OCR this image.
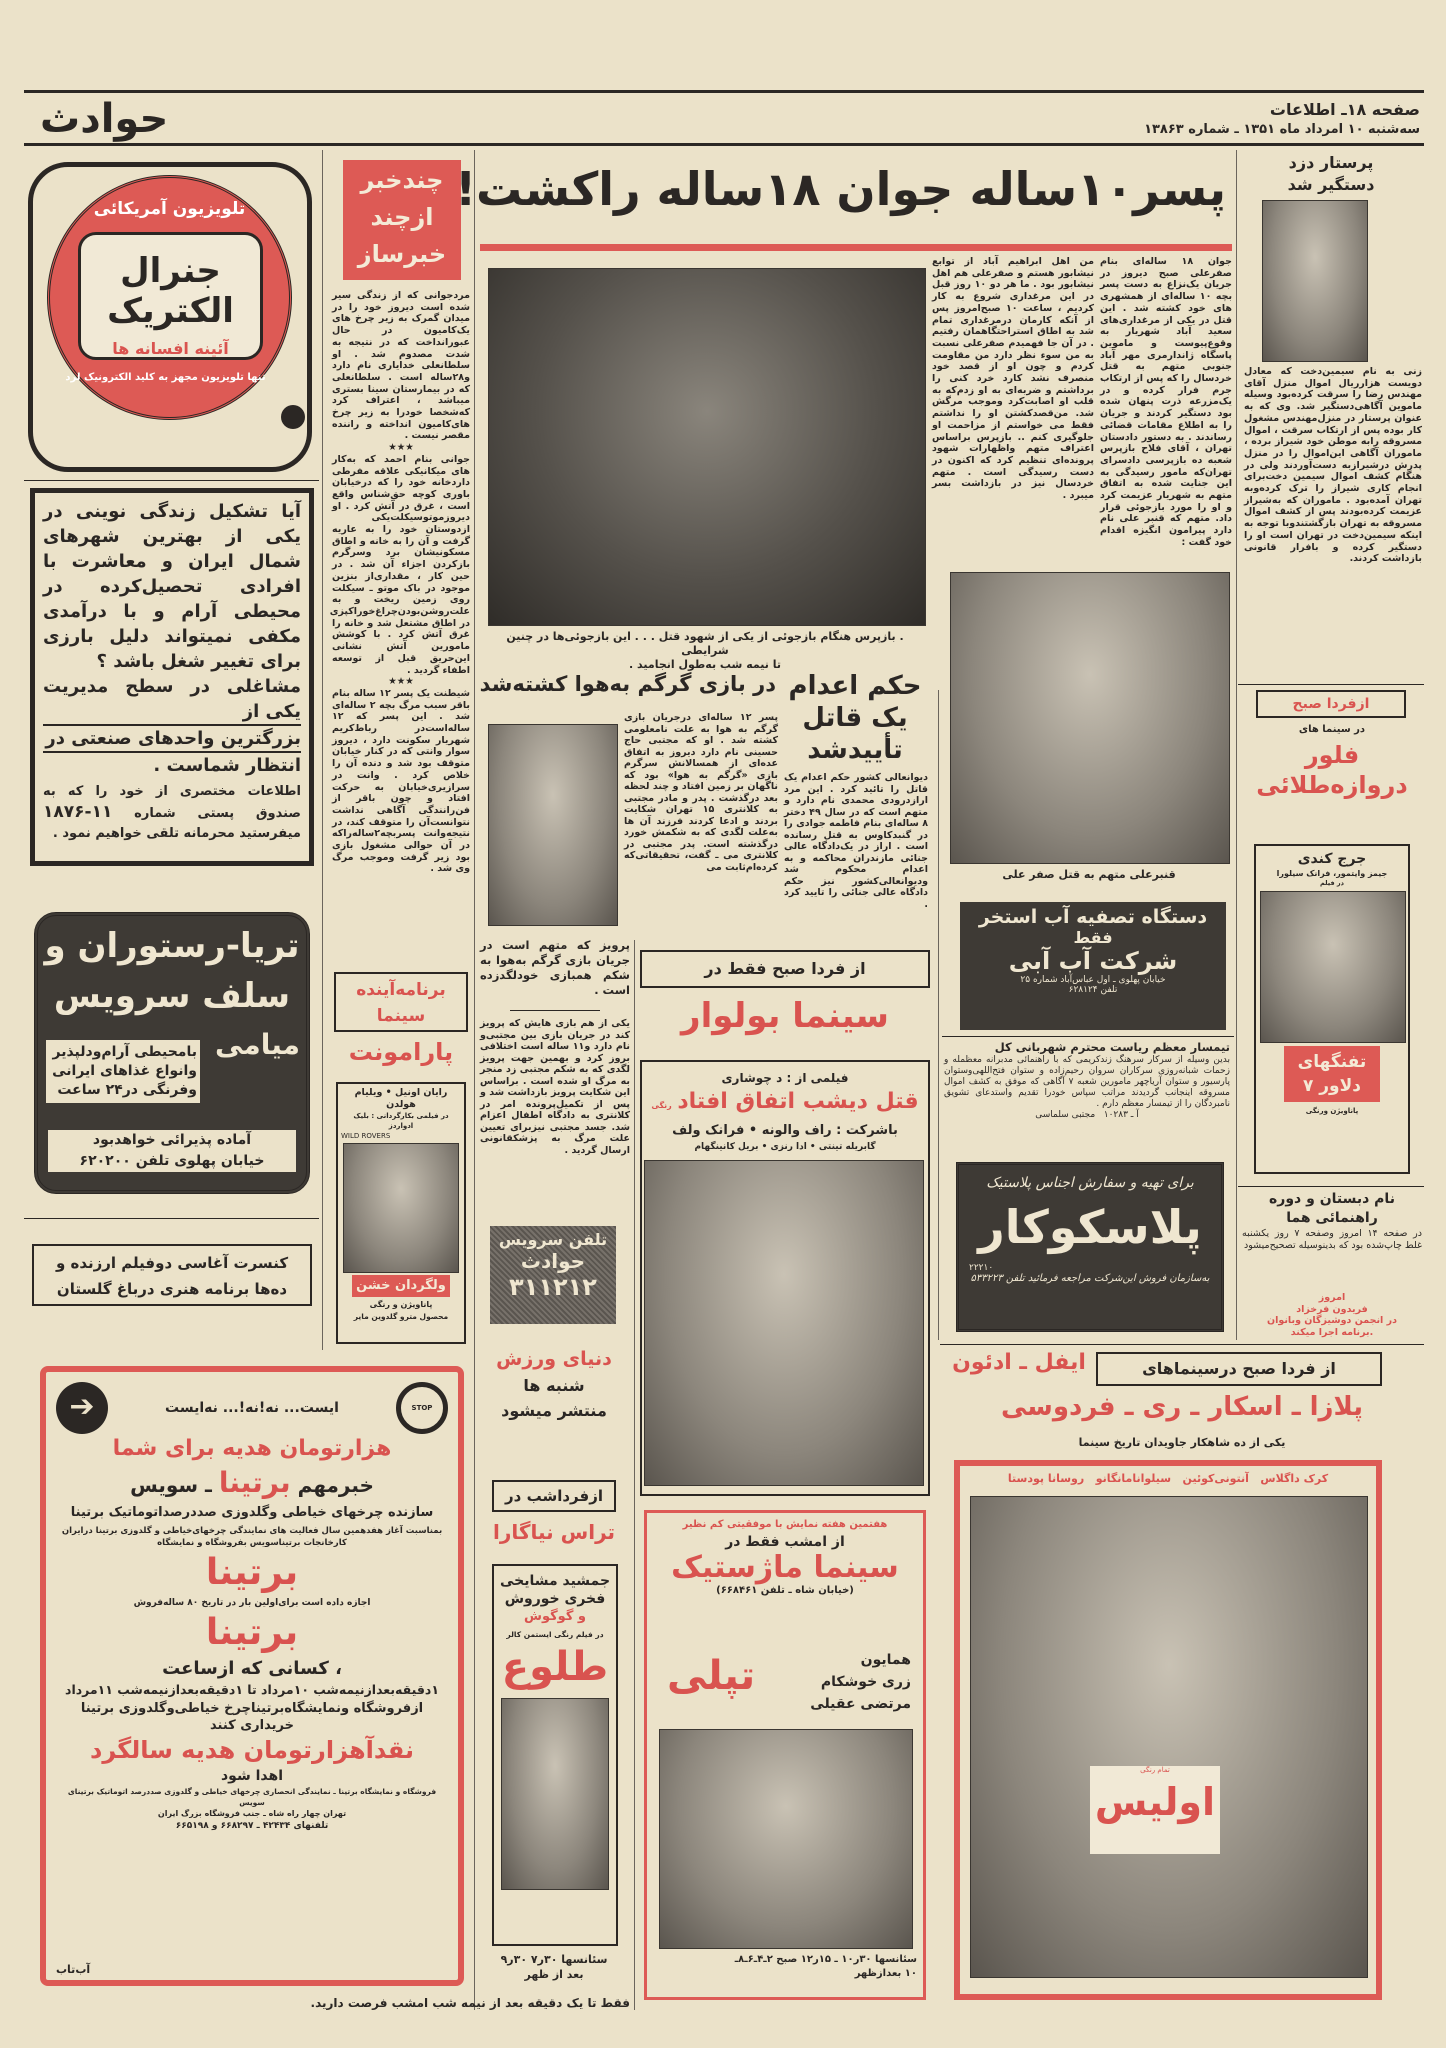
حوادث	صفحه ۱۸ـ اطلاعات
سه‌شنبه ۱۰ امرداد ماه ۱۳۵۱ ـ شماره ۱۳۸۶۳
تلویزیون آمریکائی
جنرال الکتریک
آئینه افسانه ها
تنها تلویزیون مجهز به کلید الکترونیک لرد
آیا تشکیل زندگی نوینی در یکی از بهترین شهرهای شمال ایران و معاشرت با افرادی تحصیل‌کرده در محیطی آرام و با درآمدی مکفی نمیتواند دلیل بارزی برای تغییر شغل باشد ؟
مشاغلی در سطح مدیریت یکی از
بزرگترین واحدهای صنعتی در
انتظار شماست .
اطلاعات مختصری از خود را که به صندوق پستی شماره ۱۱-۱۸۷۶ میفرستید محرمانه تلقی خواهیم نمود .
تریا-رستوران و
سلف سرویس
میامی
بامحیطی آرام‌ودلپذیر
وانواع غذاهای ایرانی
وفرنگی در۲۴ ساعت
آماده پذیرائی خواهدبود
خیابان پهلوی تلفن ۶۲۰۲۰۰
کنسرت آغاسی دوفیلم ارزنده و
ده‌ها برنامه هنری درباغ گلستان
➔	ایست... نه!نه!... نه‌ایست	STOP
هزارتومان هدیه برای شما
خبرمهم برتینا ـ سویس
سازنده چرخهای خیاطی وگلدوزی صددرصداتوماتیک برتینا
بمناسبت آغاز هفدهمین سال فعالیت های نمایندگی چرخهای‌خیاطی و گلدوزی برتینا درایران
کارخانجات برتیناسویس بفروشگاه و نمایشگاه
برتینا
اجازه داده است برای‌اولین بار در تاریخ ۸۰ ساله‌فروش
برتینا
، کسانی که ازساعت
۱دقیقه‌بعدازنیمه‌شب ۱۰مرداد تا ۱دقیقه‌بعدازنیمه‌شب ۱۱مرداد
ازفروشگاه ونمایشگاه‌برتیناچرخ خیاطی‌وگلدوزی برتینا خریداری کنند
نقدآهزارتومان هدیه سالگرد
اهدا شود
فروشگاه و نمایشگاه برتینا ـ نمایندگی انحصاری چرخهای خیاطی و گلدوزی صددرصد اتوماتیک برتینای سویس
تهران چهار راه شاه ـ جنب فروشگاه بزرگ ایران
تلفنهای ۴۲۴۳۴ ـ ۶۶۸۲۹۷ و ۶۶۵۱۹۸
آب‌تاب
فقط تا یک دقیقه بعد از نیمه شب امشب فرصت دارید.
چندخبر
ازچند
خبرساز

مردجوانی که از زندگی سیر شده است دیروز خود را در میدان گمرک به زیر چرخ های یک‌کامیون در حال عبورانداخت که در نتیجه به شدت مصدوم شد . او سلطانعلی خدایاری نام دارد و۲۸ساله است . سلطانعلی که در بیمارستان سینا بستری میباشد ، اعتراف کرد که‌شخصا خودرا به زیر چرخ های‌کامیون انداخته و راننده مقصر نیست .

★★★

جوانی بنام احمد که به‌کار های میکانیکی علاقه مفرطی دارد‌خانه خود را که درخیابان باوری کوچه حق‌شناس واقع است ، غرق در آتش کرد . او دیروزموتوسیکلت‌یکی ازدوستان خود را به عاریه گرفت و آن را به خانه و اطاق مسکونیشان برد وسرگرم بازکردن اجزاء آن شد . در حین کار ، مقداری‌از بنزین موجود در باک موتو ـ سیکلت روی زمین ریخت و به علت‌روشن‌بودن‌چراغ‌خوراکپزی در اطاق مشتعل شد و خانه را غرق آتش کرد . با کوشش مامورین آتش نشانی این‌حریق قبل از توسعه اطفاء گردید .

★★★

شیطنت یک پسر ۱۲ ساله بنام باقر سبب مرگ بچه ۲ ساله‌ای شد . این پسر که ۱۲ ساله‌است‌در رباط‌کریم شهریار سکونت دارد ، دیروز سوار وانتی که در کنار خیابان متوقف بود شد و دنده آن را خلاص کرد . وانت در سرازیری‌خیابان به حرکت افتاد و چون باقر از فن‌رانندگی آگاهی نداشت نتوانست‌آن را متوقف کند، در نتیجه‌وانت پسربچه۲ساله‌راکه در آن حوالی مشغول بازی بود زیر گرفت وموجب مرگ وی شد .

برنامه‌آینده
سینما
پارامونت
رایان اونیل • ویلیام هولدن
در فیلمی بکارگردانی : بلیک ادواردز
WILD ROVERS
ولگردان خشن
پاناویژن و رنگی
محصول مترو گلدوین مایر
پسر۱۰ساله جوان ۱۸ساله راکشت!
. بازپرس هنگام بازجوئی از یکی از شهود قتل . . . این بازجوئی‌ها در چنین شرایطی
تا نیمه شب به‌طول انجامید .
جوان ۱۸ ساله‌ای بنام صفرعلی صبح دیروز در جریان یک‌نزاع به دست پسر بچه ۱۰ ساله‌ای از همشهری های خود کشته شد . این قتل در یکی از مرغداری‌های سعید آباد شهریار به وقوع‌پیوست و ماموین پاسگاه ژاندارمری مهر آباد جنوبی متهم به قتل خردسال را که پس از ارتکاب جرم فرار کرده و در یک‌مزرعه ذرت پنهان شده بود دستگیر کردند و جریان را به اطلاع مقامات قضائی رساندند . به دستور دادستان تهران ، آقای فلاح بازپرس شعبه ده بازپرسی دادسرای تهران‌که مامور رسیدگی به این جنایت شده به اتفاق متهم به شهریار عزیمت کرد و او را مورد بازجوئی قرار داد. متهم که قنبر علی نام دارد پیرامون انگیزه اقدام خود گفت :
من اهل ابراهیم آباد از توابع نیشابور هستم و صفرعلی هم اهل نیشابور بود . ما هر دو ۱۰ روز قبل در این مرغداری شروع به کار کردیم ، ساعت ۱۰ صبح‌امروز پس از آنکه کارمان درمرغداری تمام شد به اطاق استراحتگاهمان رفتیم . در آن جا فهمیدم صفرعلی نسبت به من سوء نظر دارد من مقاومت کردم و چون او از قصد خود منصرف نشد کارد خرد کنی را برداشتم و ضربه‌ای به او زدم‌که به قلب او اصابت‌کرد وموجب مرگش شد. من‌قصدکشتن او را نداشتم فقط می خواستم از مزاحمت او جلوگیری کنم .. بازپرس براساس اعتراف متهم واظهارات شهود پرونده‌ای تنظیم کرد که اکنون در دست رسیدگی است . متهم خردسال نیز در بازداشت بسر میبرد .
قنبرعلی متهم به قتل صفر علی
پرستار دزد
دستگیر شد
زنی به نام سیمین‌دخت که معادل دویست هزارریال اموال منزل آقای مهندس رضا را سرقت کرده‌بود وسیله ماموین آگاهی‌دستگیر شد. وی که به عنوان پرستار در منزل‌مهندس مشغول کار بوده پس از ارتکاب سرقت ، اموال مسروقه رابه موطن خود شیراز برده ، ماموران آگاهی این‌اموال را در منزل پدرش درشیرازبه دست‌آوردند ولی در هنگام کشف اموال سیمین دخت‌برای انجام کاری شیراز را ترک کرده‌وبه تهران آمده‌بود . ماموران که به‌شیراز عزیمت کرده‌بودند پس از کشف اموال مسروقه به تهران بازگشتند‌وبا توجه به اینکه سیمین‌دخت در تهران است او را دستگیر کرده و بافرار قانونی بازداشت کردند.
حکم اعدام
یک قاتل
تأییدشد
دیوانعالی کشور حکم اعدام یک قاتل را تائید کرد . این مرد ارازدرودی محمدی نام دارد و متهم است که در سال ۴۹ دختر ۸ ساله‌ای بنام فاطمه جوادی را در گنبدکاوس به قتل رسانده است . اراز در یک‌دادگاه عالی جنائی مازندران محاکمه و به اعدام محکوم شد ودیوانعالی‌کشور نیز حکم دادگاه عالی جنائی را تایید کرد .
در بازی گرگم به‌هوا کشته‌شد
پسر ۱۲ ساله‌ای درجریان بازی گرگم به هوا به علت نامعلومی کشته شد . او که مجتبی حاج حسینی نام دارد دیروز به اتفاق عده‌ای از همسالانش سرگرم بازی «گرگم به هوا» بود که ناگهان بر زمین افتاد و چند لحظه بعد درگذشت . پدر و مادر مجتبی به کلانتری ۱۵ تهران شکایت بردند و ادعا کردند فرزند آن ها به‌علت لگدی که به شکمش خورد درگذشته است. پدر مجتبی در کلانتری می ـ گفت، تحقیقاتی‌که کرده‌ام‌ثابت می
پرویز که متهم است در جریان بازی گرگم به‌هوا به شکم همبازی خودلگدزده است .
یکی از هم بازی هایش که پرویز کند در جریان بازی بین مجتبی‌و نام دارد و۱۱ ساله است اختلافی بروز کرد و بهمین جهت پرویز لگدی که به شکم مجتبی زد منجر به مرگ او شده است . براساس این شکایت پرویز باز‌داشت شد و پس از تکمیل‌پرونده امر در کلانتری به دادگاه اطفال اعزام شد. جسد مجتبی نیزبرای تعیین علت مرگ به پزشکقانونی ارسال گردید .
تلفن سرویس
حوادث
۳۱۱۲۱۲
دنیای ورزش
شنبه ها
منتشر میشود
ازفرداشب در
تراس نیاگارا
جمشید مشایخی
فخری خوروش
و گوگوش
در فیلم رنگی ایستمن کالر
طلوع
سئانسها ۳۰ر۷ ۳۰ر۹
بعد از ظهر
از فردا صبح فقط در
سینما بولوار
فیلمی از : د چوشاری
قتل دیشب اتفاق افتاد رنگی
باشرکت : راف والونه • فرانک ولف
گابریله تینتی • ادا رنزی • بریل کانینگهام
دستگاه تصفیه آب استخر
فقط
شرکت آب آبی
خیابان پهلوی ـ اول عباس‌آباد شماره ۲۵
تلفن ۶۲۸۱۲۴
تیمسار معظم ریاست محترم شهربانی کل
بدین وسیله از سرکار سرهنگ زندکریمی که با راهنمائی مدبرانه معظمله و زحمات شبانه‌روزی سرکاران سروان رحیم‌زاده و ستوان فتح‌اللهی‌وستوان پارسیور و ستوان آریاچهر مامورین شعبه ۷ آگاهی که موفق به کشف اموال مسروقه اینجانب گردیدند مراتب سپاس خودرا تقدیم واستدعای تشویق نامبردگان را از تیمسار معظم دارم .
آ ـ ۱۰۲۸۳   مجتبی سلماسی
برای تهیه و سفارش اجناس پلاستیک
پلاسکوکار
۲۲۲۱۰
به‌سازمان فروش این‌شرکت مراجعه فرمائید تلفن ۵۳۳۲۲۳
ازفردا صبح
در سینما های
فلور
دروازه‌طلائی
جرج کندی
جیمز وایتمور، فرانک سیلورا
در فیلم
تفنگهای
۷ دلاور
پاناویژن ورنگی
نام دبستان و دوره راهنمائی هما
در صفحه ۱۴ امروز وصفحه ۷ روز یکشنبه غلط چاپ‌شده بود که بدینوسیله تصحیح‌میشود
امروز
فریدون فرخزاد
در انجمن دوشیزگان وبانوان
برنامه اجرا میکند.
از فردا صبح درسینماهای
ایفل ـ ادئون
پلازا ـ اسکار ـ ری ـ فردوسی
یکی از ده شاهکار جاویدان تاریخ سینما
کرک داگلاس   آنتونی‌کوئین   سیلوانامانگانو   روسانا پودستا
تمام رنگی
اولیس
هفتمین هفته نمایش با موفقیتی کم نظیر
از امشب فقط در
سینما ماژستیک
(خیابان شاه ـ تلفن ۶۶۸۴۶۱)
همایون
زری خوشکام
مرتضی عقیلی
تپلی
سئانسها ۳۰ر۱۰ ـ ۱۵ر۱۲ صبح ۲ـ۴ـ۶ـ۸ـ
۱۰ بعدازظهر
